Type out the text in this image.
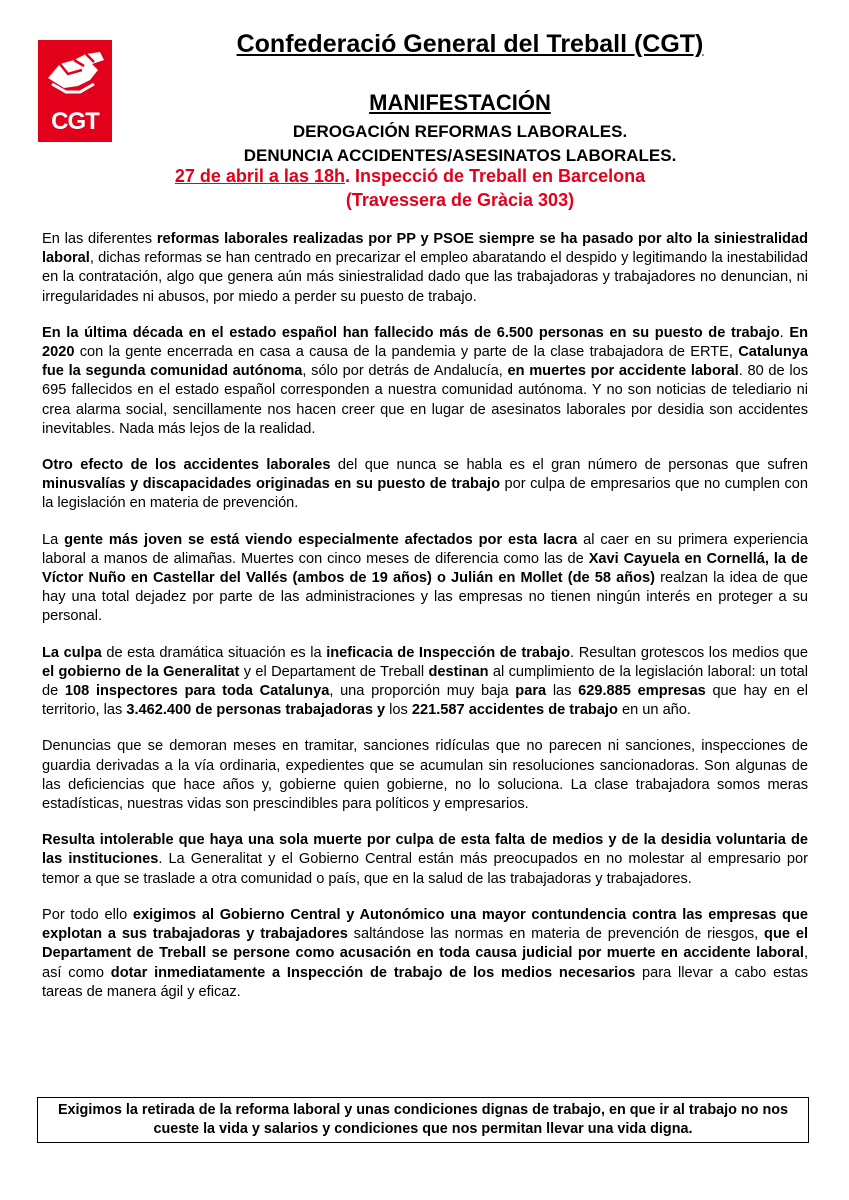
CGT
Confederació General del Treball (CGT)
MANIFESTACIÓN
DEROGACIÓN REFORMAS LABORALES.
DENUNCIA ACCIDENTES/ASESINATOS LABORALES.
27 de abril a las 18h. Inspecció de Treball en Barcelona
(Travessera de Gràcia 303)

En las diferentes reformas laborales realizadas por PP y PSOE siempre se ha pasado por alto la siniestralidad laboral, dichas reformas se han centrado en precarizar el empleo abaratando el despido y legitimando la inestabilidad en la contratación, algo que genera aún más siniestralidad dado que las trabajadoras y trabajadores no denuncian, ni irregularidades ni abusos, por miedo a perder su puesto de trabajo.

En la última década en el estado español han fallecido más de 6.500 personas en su puesto de trabajo. En 2020 con la gente encerrada en casa a causa de la pandemia y parte de la clase trabajadora de ERTE, Catalunya fue la segunda comunidad autónoma, sólo por detrás de Andalucía, en muertes por accidente laboral. 80 de los 695 fallecidos en el estado español corresponden a nuestra comunidad autónoma. Y no son noticias de telediario ni crea alarma social, sencillamente nos hacen creer que en lugar de asesinatos laborales por desidia son accidentes inevitables. Nada más lejos de la realidad.

Otro efecto de los accidentes laborales del que nunca se habla es el gran número de personas que sufren minusvalías y discapacidades originadas en su puesto de trabajo por culpa de empresarios que no cumplen con la legislación en materia de prevención.

La gente más joven se está viendo especialmente afectados por esta lacra al caer en su primera experiencia laboral a manos de alimañas. Muertes con cinco meses de diferencia como las de Xavi Cayuela en Cornellá, la de Víctor Nuño en Castellar del Vallés (ambos de 19 años) o Julián en Mollet (de 58 años) realzan la idea de que hay una total dejadez por parte de las administraciones y las empresas no tienen ningún interés en proteger a su personal.

La culpa de esta dramática situación es la ineficacia de Inspección de trabajo. Resultan grotescos los medios que el gobierno de la Generalitat y el Departament de Treball destinan al cumplimiento de la legislación laboral: un total de 108 inspectores para toda Catalunya, una proporción muy baja para las 629.885 empresas que hay en el territorio, las 3.462.400 de personas trabajadoras y los 221.587 accidentes de trabajo en un año.

Denuncias que se demoran meses en tramitar, sanciones ridículas que no parecen ni sanciones, inspecciones de guardia derivadas a la vía ordinaria, expedientes que se acumulan sin resoluciones sancionadoras. Son algunas de las deficiencias que hace años y, gobierne quien gobierne, no lo soluciona. La clase trabajadora somos meras estadísticas, nuestras vidas son prescindibles para políticos y empresarios.

Resulta intolerable que haya una sola muerte por culpa de esta falta de medios y de la desidia voluntaria de las instituciones. La Generalitat y el Gobierno Central están más preocupados en no molestar al empresario por temor a que se traslade a otra comunidad o país, que en la salud de las trabajadoras y trabajadores.

Por todo ello exigimos al Gobierno Central y Autonómico una mayor contundencia contra las empresas que explotan a sus trabajadoras y trabajadores saltándose las normas en materia de prevención de riesgos, que el Departament de Treball se persone como acusación en toda causa judicial por muerte en accidente laboral, así como dotar inmediatamente a Inspección de trabajo de los medios necesarios para llevar a cabo estas tareas de manera ágil y eficaz.

Exigimos la retirada de la reforma laboral y unas condiciones dignas de trabajo, en que ir al trabajo no nos cueste la vida y salarios y condiciones que nos permitan llevar una vida digna.
